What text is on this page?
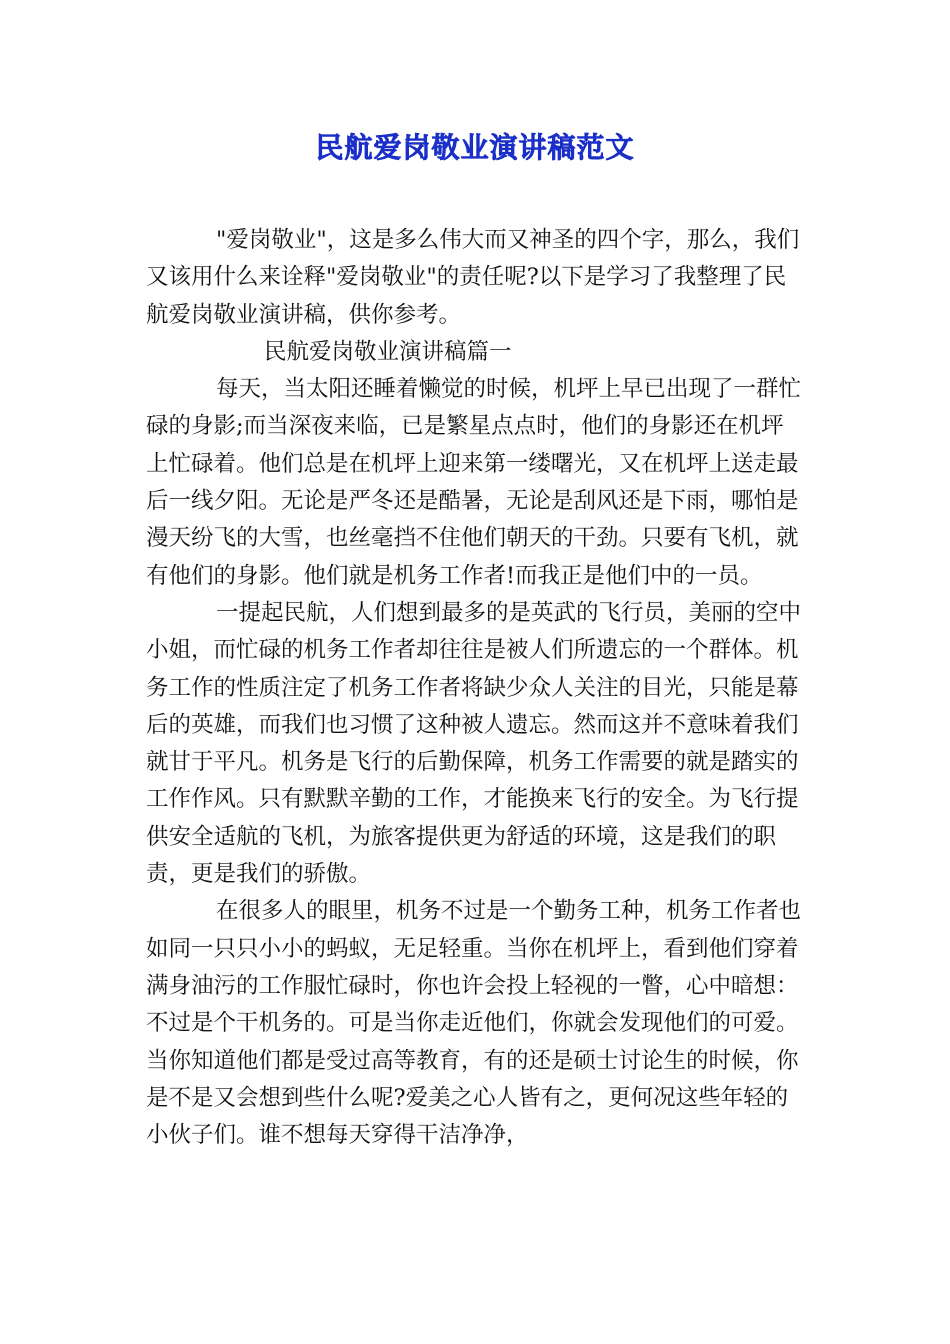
民航爱岗敬业演讲稿范文

"爱岗敬业"，这是多么伟大而又神圣的四个字，那么，我们又该用什么来诠释"爱岗敬业"的责任呢?以下是学习了我整理了民航爱岗敬业演讲稿，供你参考。

民航爱岗敬业演讲稿篇一

每天，当太阳还睡着懒觉的时候，机坪上早已出现了一群忙碌的身影;而当深夜来临，已是繁星点点时，他们的身影还在机坪上忙碌着。他们总是在机坪上迎来第一缕曙光，又在机坪上送走最后一线夕阳。无论是严冬还是酷暑，无论是刮风还是下雨，哪怕是漫天纷飞的大雪，也丝毫挡不住他们朝天的干劲。只要有飞机，就有他们的身影。他们就是机务工作者!而我正是他们中的一员。

一提起民航，人们想到最多的是英武的飞行员，美丽的空中小姐，而忙碌的机务工作者却往往是被人们所遗忘的一个群体。机务工作的性质注定了机务工作者将缺少众人关注的目光，只能是幕后的英雄，而我们也习惯了这种被人遗忘。然而这并不意味着我们就甘于平凡。机务是飞行的后勤保障，机务工作需要的就是踏实的工作作风。只有默默辛勤的工作，才能换来飞行的安全。为飞行提供安全适航的飞机，为旅客提供更为舒适的环境，这是我们的职责，更是我们的骄傲。

在很多人的眼里，机务不过是一个勤务工种，机务工作者也如同一只只小小的蚂蚁，无足轻重。当你在机坪上，看到他们穿着满身油污的工作服忙碌时，你也许会投上轻视的一瞥，心中暗想：不过是个干机务的。可是当你走近他们，你就会发现他们的可爱。当你知道他们都是受过高等教育，有的还是硕士讨论生的时候，你是不是又会想到些什么呢?爱美之心人皆有之，更何况这些年轻的小伙子们。谁不想每天穿得干洁净净，
